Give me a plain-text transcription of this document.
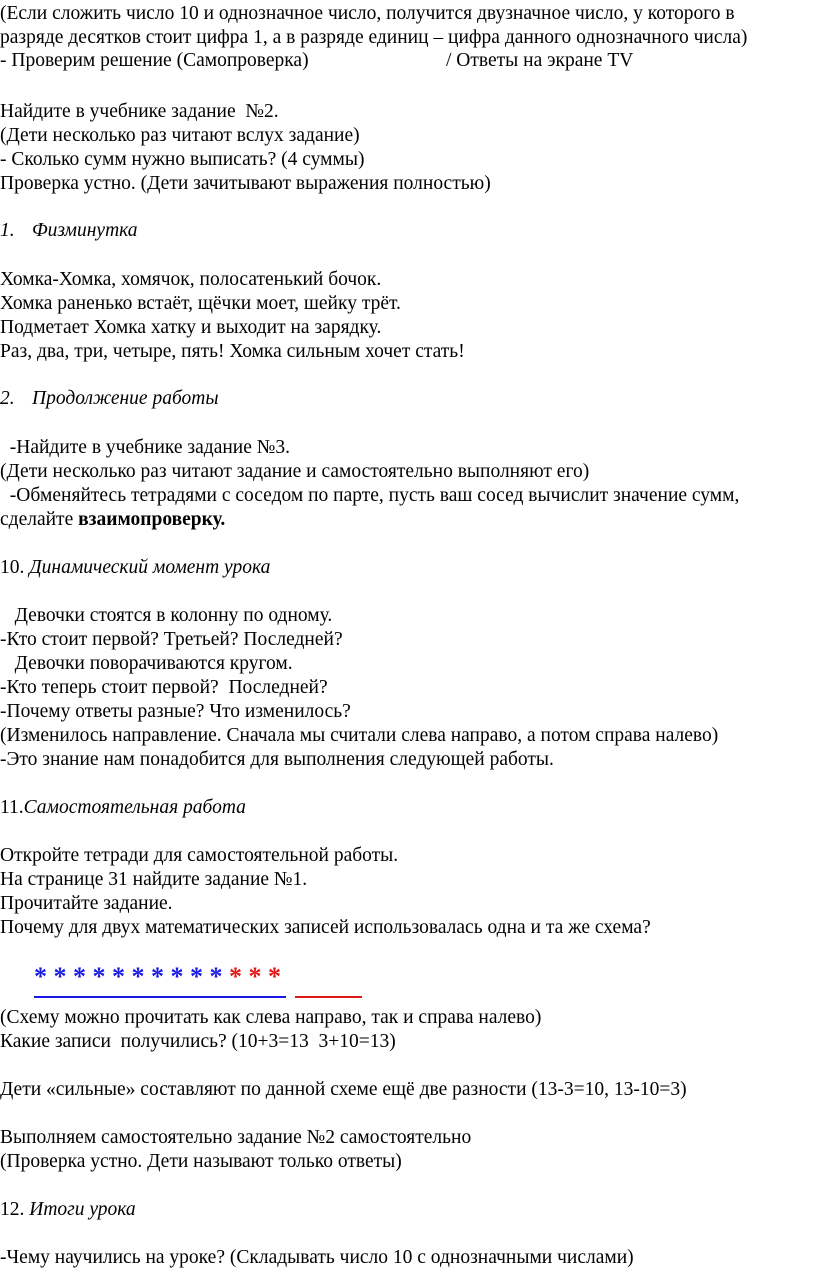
(Если сложить число 10 и однозначное число, получится двузначное число, у которого в
разряде десятков стоит цифра 1, а в разряде единиц – цифра данного однозначного числа)
- Проверим решение (Самопроверка)	/ Ответы на экране TV
Найдите в учебнике задание  №2.
(Дети несколько раз читают вслух задание)
- Сколько сумм нужно выписать? (4 суммы)
Проверка устно. (Дети зачитывают выражения полностью)
1. Физминутка
Хомка-Хомка, хомячок, полосатенький бочок.
Хомка раненько встаёт, щёчки моет, шейку трёт.
Подметает Хомка хатку и выходит на зарядку.
Раз, два, три, четыре, пять! Хомка сильным хочет стать!
2. Продолжение работы
-Найдите в учебнике задание №3.
(Дети несколько раз читают задание и самостоятельно выполняют его)
-Обменяйтесь тетрадями с соседом по парте, пусть ваш сосед вычислит значение сумм,
сделайте взаимопроверку.
10. Динамический момент урока
Девочки стоятся в колонну по одному.
-Кто стоит первой? Третьей? Последней?
Девочки поворачиваются кругом.
-Кто теперь стоит первой?  Последней?
-Почему ответы разные? Что изменилось?
(Изменилось направление. Сначала мы считали слева направо, а потом справа налево)
-Это знание нам понадобится для выполнения следующей работы.
11.Самостоятельная работа
Откройте тетради для самостоятельной работы.
На странице 31 найдите задание №1.
Прочитайте задание.
Почему для двух математических записей использовалась одна и та же схема?
* * * * * * * * * * * * *
(Схему можно прочитать как слева направо, так и справа налево)
Какие записи  получились? (10+3=13  3+10=13)
Дети «сильные» составляют по данной схеме ещё две разности (13-3=10, 13-10=3)
Выполняем самостоятельно задание №2 самостоятельно
(Проверка устно. Дети называют только ответы)
12. Итоги урока
-Чему научились на уроке? (Складывать число 10 с однозначными числами)
